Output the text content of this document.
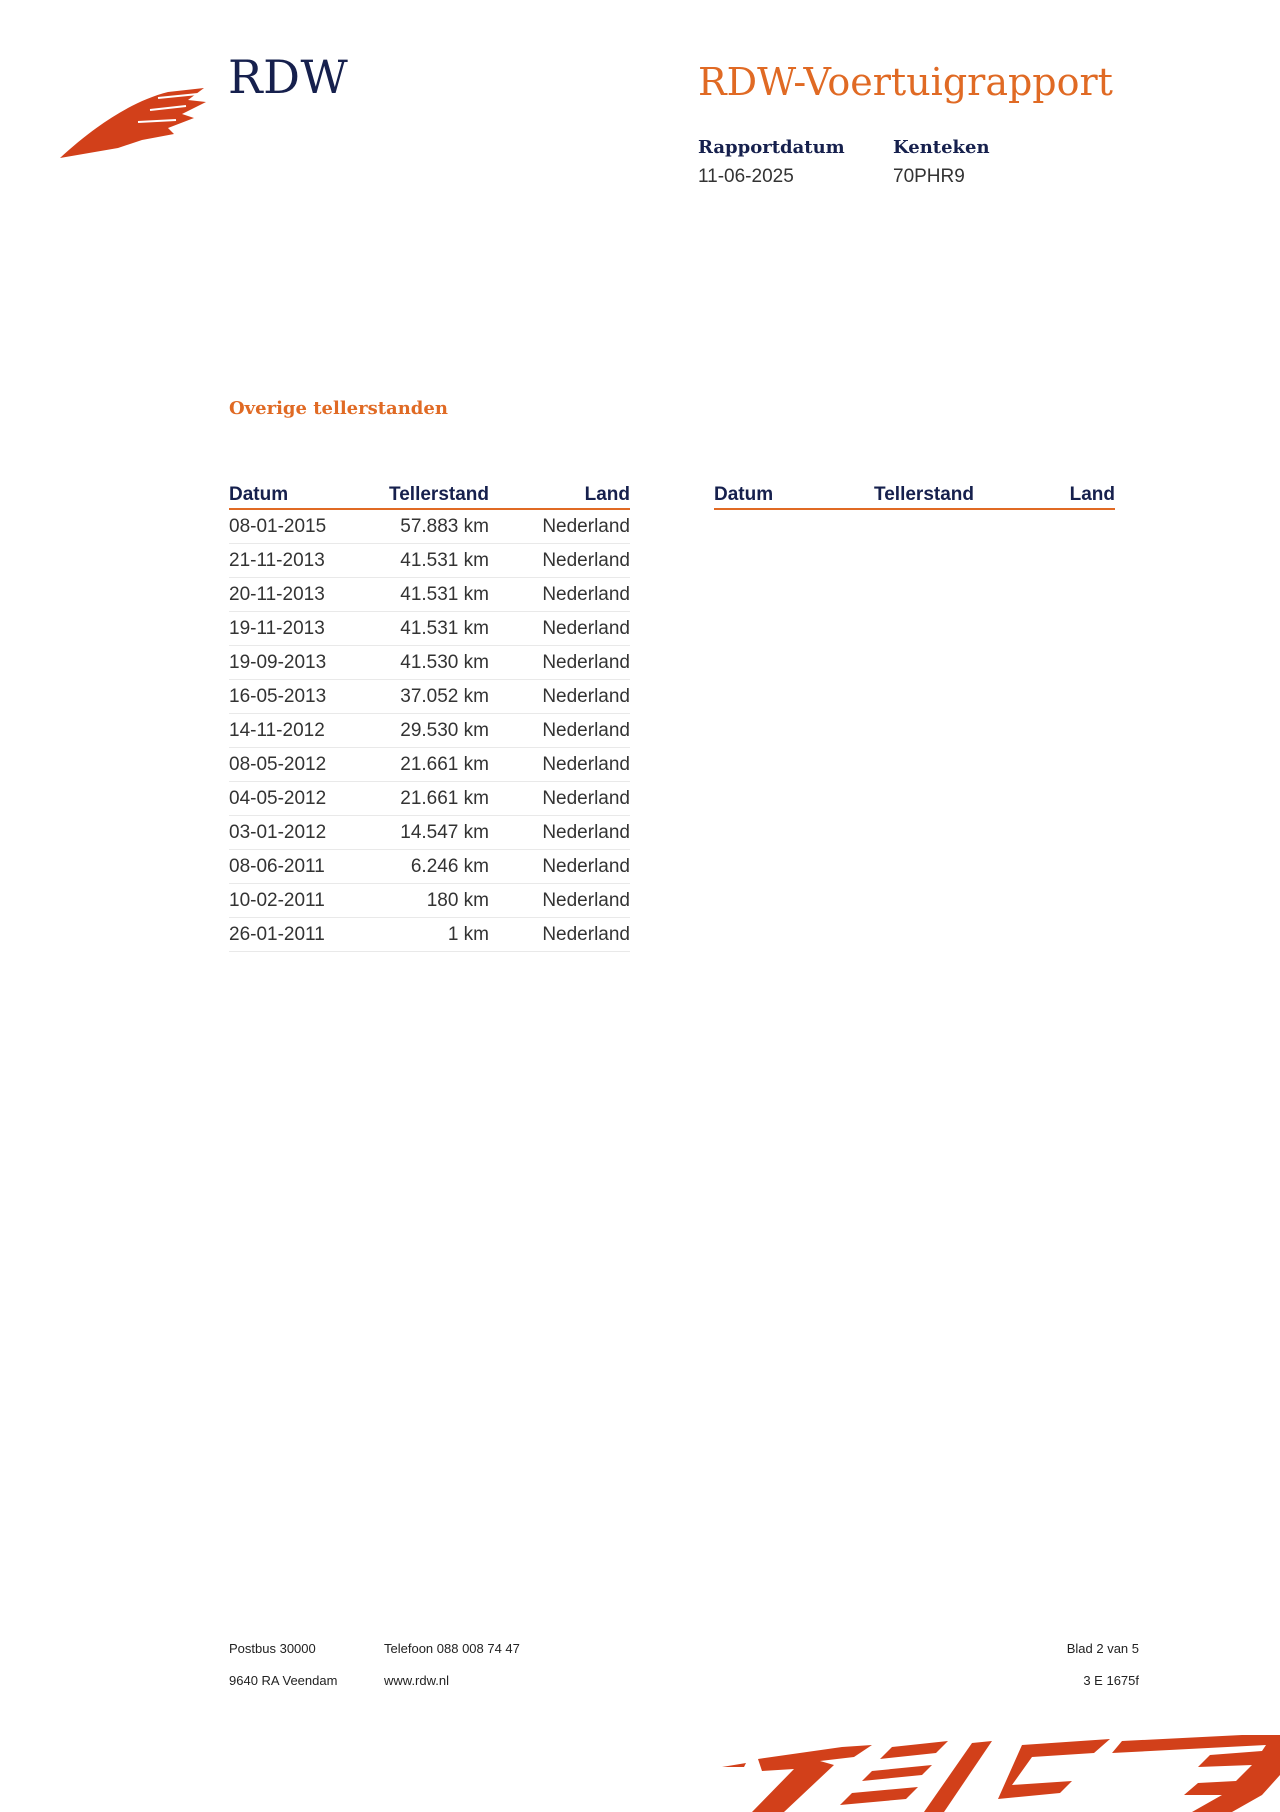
RDW	RDW-Voertuigrapport
Rapportdatum
11-06-2025
Kenteken
70PHR9
Overige tellerstanden
Datum	Tellerstand	Land
08-01-2015	57.883 km	Nederland
21-11-2013	41.531 km	Nederland
20-11-2013	41.531 km	Nederland
19-11-2013	41.531 km	Nederland
19-09-2013	41.530 km	Nederland
16-05-2013	37.052 km	Nederland
14-11-2012	29.530 km	Nederland
08-05-2012	21.661 km	Nederland
04-05-2012	21.661 km	Nederland
03-01-2012	14.547 km	Nederland
08-06-2011	6.246 km	Nederland
10-02-2011	180 km	Nederland
26-01-2011	1 km	Nederland
Datum	Tellerstand	Land
Postbus 30000
9640 RA Veendam
Telefoon 088 008 74 47
www.rdw.nl
Blad 2 van 5
3 E 1675f
